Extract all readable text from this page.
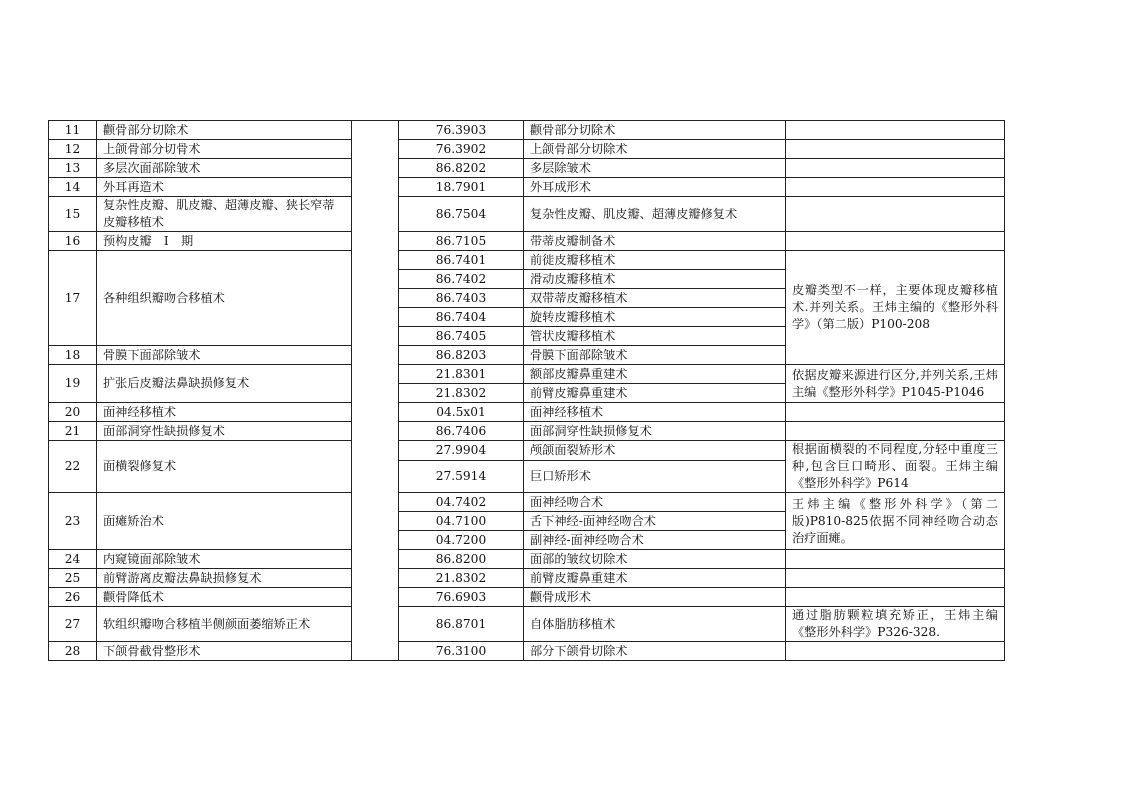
11	颧骨部分切除术		76.3903	颧骨部分切除术	
12	上颌骨部分切骨术		76.3902	上颌骨部分切除术	
13	多层次面部除皱术		86.8202	多层除皱术	
14	外耳再造术		18.7901	外耳成形术	
15	复杂性皮瓣、肌皮瓣、超薄皮瓣、狭长窄蒂皮瓣移植术		86.7504	复杂性皮瓣、肌皮瓣、超薄皮瓣修复术	
16	预构皮瓣　Ⅰ　期		86.7105	带蒂皮瓣制备术	
17	各种组织瓣吻合移植术		86.7401	前徙皮瓣移植术	皮瓣类型不一样，主要体现皮瓣移植术.并列关系。王炜主编的《整形外科学》（第二版）P100-208
			86.7402	滑动皮瓣移植术	
			86.7403	双带蒂皮瓣移植术	
			86.7404	旋转皮瓣移植术	
			86.7405	管状皮瓣移植术	
18	骨膜下面部除皱术		86.8203	骨膜下面部除皱术	
19	扩张后皮瓣法鼻缺损修复术		21.8301	额部皮瓣鼻重建术	依据皮瓣来源进行区分,并列关系,王炜主编《整形外科学》P1045-P1046
			21.8302	前臂皮瓣鼻重建术	
20	面神经移植术		04.5x01	面神经移植术	
21	面部洞穿性缺损修复术		86.7406	面部洞穿性缺损修复术	
22	面横裂修复术		27.9904	颅颌面裂矫形术	根据面横裂的不同程度,分轻中重度三种,包含巨口畸形、面裂。王炜主编《整形外科学》P614
			27.5914	巨口矫形术	
23	面瘫矫治术		04.7402	面神经吻合术	王炜主编《整形外科学》（第二版)P810-825依据不同神经吻合动态治疗面瘫。
			04.7100	舌下神经-面神经吻合术	
			04.7200	副神经-面神经吻合术	
24	内窥镜面部除皱术		86.8200	面部的皱纹切除术	
25	前臂游离皮瓣法鼻缺损修复术		21.8302	前臂皮瓣鼻重建术	
26	颧骨降低术		76.6903	颧骨成形术	
27	软组织瓣吻合移植半侧颜面萎缩矫正术		86.8701	自体脂肪移植术	通过脂肪颗粒填充矫正，王炜主编《整形外科学》P326-328.
28	下颌骨截骨整形术		76.3100	部分下颌骨切除术	
